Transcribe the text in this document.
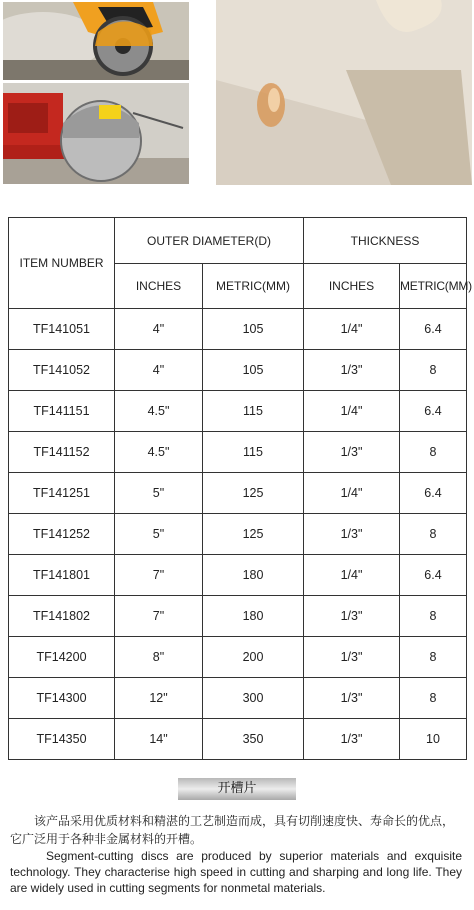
ITEM NUMBER	OUTER DIAMETER(D)		THICKNESS	
	INCHES	METRIC(MM)	INCHES	METRIC(MM)
TF141051	4"	105	1/4"	6.4
TF141052	4"	105	1/3"	8
TF141151	4.5"	115	1/4"	6.4
TF141152	4.5"	115	1/3"	8
TF141251	5"	125	1/4"	6.4
TF141252	5"	125	1/3"	8
TF141801	7"	180	1/4"	6.4
TF141802	7"	180	1/3"	8
TF14200	8"	200	1/3"	8
TF14300	12"	300	1/3"	8
TF14350	14"	350	1/3"	10
开槽片
该产品采用优质材料和精湛的工艺制造而成，具有切削速度快、寿命长的优点，它广泛用于各种非金属材料的开槽。
Segment-cutting discs are produced by superior materials and exquisite technology. They characterise high speed in cutting and sharping and long life. They are widely used in cutting segments for nonmetal materials.
